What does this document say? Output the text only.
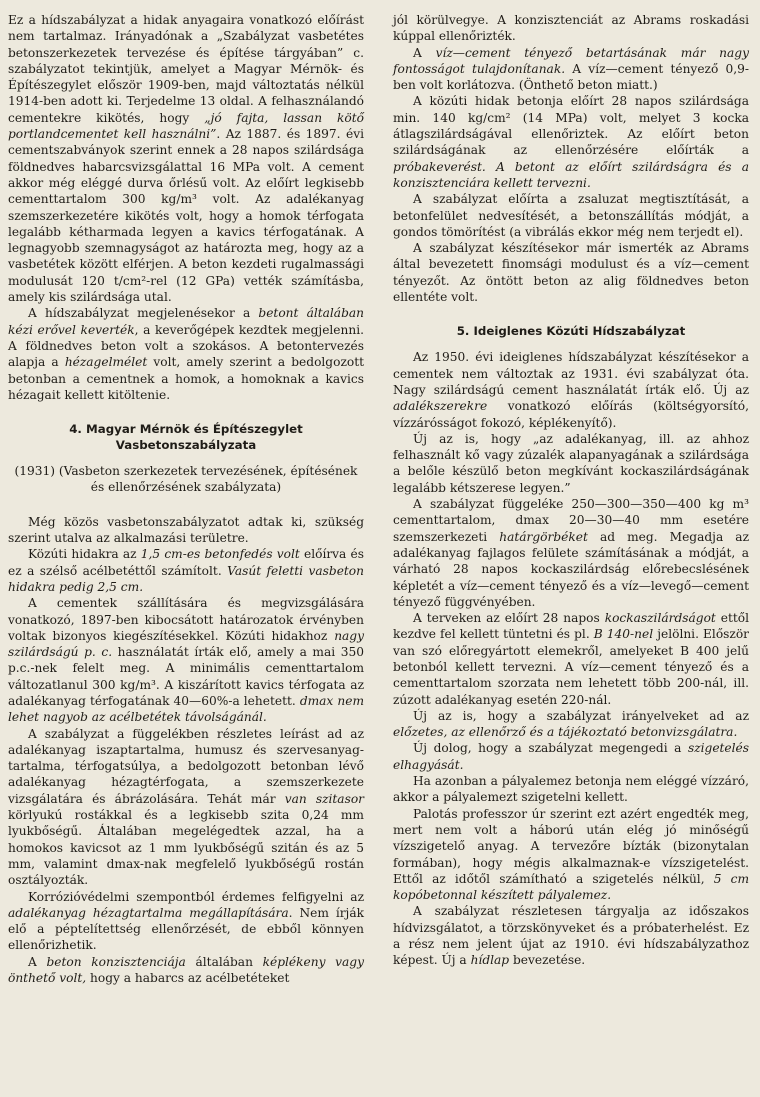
Ez a hídszabályzat a hidak anyagaira vonatkozó előírást nem tartalmaz. Irányadónak a „Szabályzat vasbetétes betonszerkezetek tervezése és építése tárgyában” c. szabályzatot tekintjük, amelyet a Magyar Mérnök- és Építészegylet először 1909-ben, majd változtatás nélkül 1914-ben adott ki. Terjedelme 13 oldal. A felhasználandó cementekre kikötés, hogy „jó fajta, lassan kötő portlandcementet kell használni”. Az 1887. és 1897. évi cementszabványok szerint ennek a 28 napos szilárdsága földnedves habarcsvizsgálattal 16 MPa volt. A cement akkor még eléggé durva őrlésű volt. Az előírt legkisebb cementtartalom 300 kg/m³ volt. Az adalékanyag szemszerkezetére kikötés volt, hogy a homok térfogata legalább kétharmada legyen a kavics térfogatának. A legnagyobb szemnagyságot az határozta meg, hogy az a vasbetétek között elférjen. A beton kezdeti rugalmassági modulusát 120 t/cm²-rel (12 GPa) vették számításba, amely kis szilárdsága utal.

A hídszabályzat megjelenésekor a betont általában kézi erővel keverték, a keverőgépek kezdtek megjelenni. A földnedves beton volt a szokásos. A betontervezés alapja a hézagelmélet volt, amely szerint a bedolgozott betonban a cementnek a homok, a homoknak a kavics hézagait kellett kitöltenie.

4. Magyar Mérnök és Építészegylet Vasbetonszabályzata

(1931) (Vasbeton szerkezetek tervezésének, építésének és ellenőrzésének szabályzata)

Még közös vasbetonszabályzatot adtak ki, szükség szerint utalva az alkalmazási területre.

Közúti hidakra az 1,5 cm-es betonfedés volt előírva és ez a szélső acélbetéttől számítolt. Vasút feletti vasbeton hidakra pedig 2,5 cm.

A cementek szállítására és megvizsgálására vonatkozó, 1897-ben kibocsátott határozatok érvényben voltak bizonyos kiegészítésekkel. Közúti hidakhoz nagy szilárdságú p. c. használatát írták elő, amely a mai 350 p.c.-nek felelt meg. A minimális cementtartalom változatlanul 300 kg/m³. A kiszárított kavics térfogata az adalékanyag térfogatának 40—60%-a lehetett. dmax nem lehet nagyob az acélbetétek távolságánál.

A szabályzat a függelékben részletes leírást ad az adalékanyag iszaptartalma, humusz és szervesanyag-tartalma, térfogatsúlya, a bedolgozott betonban lévő adalékanyag hézagtérfogata, a szemszerkezete vizsgálatára és ábrázolására. Tehát már van szitasor körlyukú rostákkal és a legkisebb szita 0,24 mm lyukbőségű. Általában megelégedtek azzal, ha a homokos kavicsot az 1 mm lyukbőségű szitán és az 5 mm, valamint dmax-nak megfelelő lyukbőségű rostán osztályozták.

Korrózióvédelmi szempontból érdemes felfigyelni az adalékanyag hézagtartalma megállapítására. Nem írják elő a péptelítettség ellenőrzését, de ebből könnyen ellenőrizhetik.

A beton konzisztenciája általában képlékeny vagy önthető volt, hogy a habarcs az acélbetéteket

jól körülvegye. A konzisztenciát az Abrams roskadási kúppal ellenőrizték.

A víz—cement tényező betartásának már nagy fontosságot tulajdonítanak. A víz—cement tényező 0,9-ben volt korlátozva. (Önthető beton miatt.)

A közúti hidak betonja előírt 28 napos szilárdsága min. 140 kg/cm² (14 MPa) volt, melyet 3 kocka átlagszilárdságával ellenőriztek. Az előírt beton szilárdságának az ellenőrzésére előírták a próbakeverést. A betont az előírt szilárdságra és a konzisztenciára kellett tervezni.

A szabályzat előírta a zsaluzat megtisztítását, a betonfelület nedvesítését, a betonszállítás módját, a gondos tömörítést (a vibrálás ekkor még nem terjedt el).

A szabályzat készítésekor már ismerték az Abrams által bevezetett finomsági modulust és a víz—cement tényezőt. Az öntött beton az alig földnedves beton ellentéte volt.

5. Ideiglenes Közúti Hídszabályzat

Az 1950. évi ideiglenes hídszabályzat készítésekor a cementek nem változtak az 1931. évi szabályzat óta. Nagy szilárdságú cement használatát írták elő. Új az adalékszerekre vonatkozó előírás (költségyorsító, vízzárósságot fokozó, képlékenyítő).

Új az is, hogy „az adalékanyag, ill. az ahhoz felhasznált kő vagy zúzalék alapanyagának a szilárdsága a belőle készülő beton megkívánt kockaszilárdságának legalább kétszerese legyen.”

A szabályzat függeléke 250—300—350—400 kg m³ cementtartalom, dmax 20—30—40 mm esetére szemszerkezeti határgörbéket ad meg. Megadja az adalékanyag fajlagos felülete számításának a módját, a várható 28 napos kockaszilárdság előrebecslésének képletét a víz—cement tényező és a víz—levegő—cement tényező függvényében.

A terveken az előírt 28 napos kockaszilárdságot ettől kezdve fel kellett tüntetni és pl. B 140-nel jelölni. Először van szó előregyártott elemekről, amelyeket B 400 jelű betonból kellett tervezni. A víz—cement tényező és a cementtartalom szorzata nem lehetett több 200-nál, ill. zúzott adalékanyag esetén 220-nál.

Új az is, hogy a szabályzat irányelveket ad az előzetes, az ellenőrző és a tájékoztató betonvizsgálatra.

Új dolog, hogy a szabályzat megengedi a szigetelés elhagyását.

Ha azonban a pályalemez betonja nem eléggé vízzáró, akkor a pályalemezt szigetelni kellett.

Palotás professzor úr szerint ezt azért engedték meg, mert nem volt a háború után elég jó minőségű vízszigetelő anyag. A tervezőre bízták (bizonytalan formában), hogy mégis alkalmaznak-e vízszigetelést. Ettől az időtől számítható a szigetelés nélkül, 5 cm kopóbetonnal készített pályalemez.

A szabályzat részletesen tárgyalja az időszakos hídvizsgálatot, a törzskönyveket és a próbaterhelést. Ez a rész nem jelent újat az 1910. évi hídszabályzathoz képest. Új a hídlap bevezetése.
